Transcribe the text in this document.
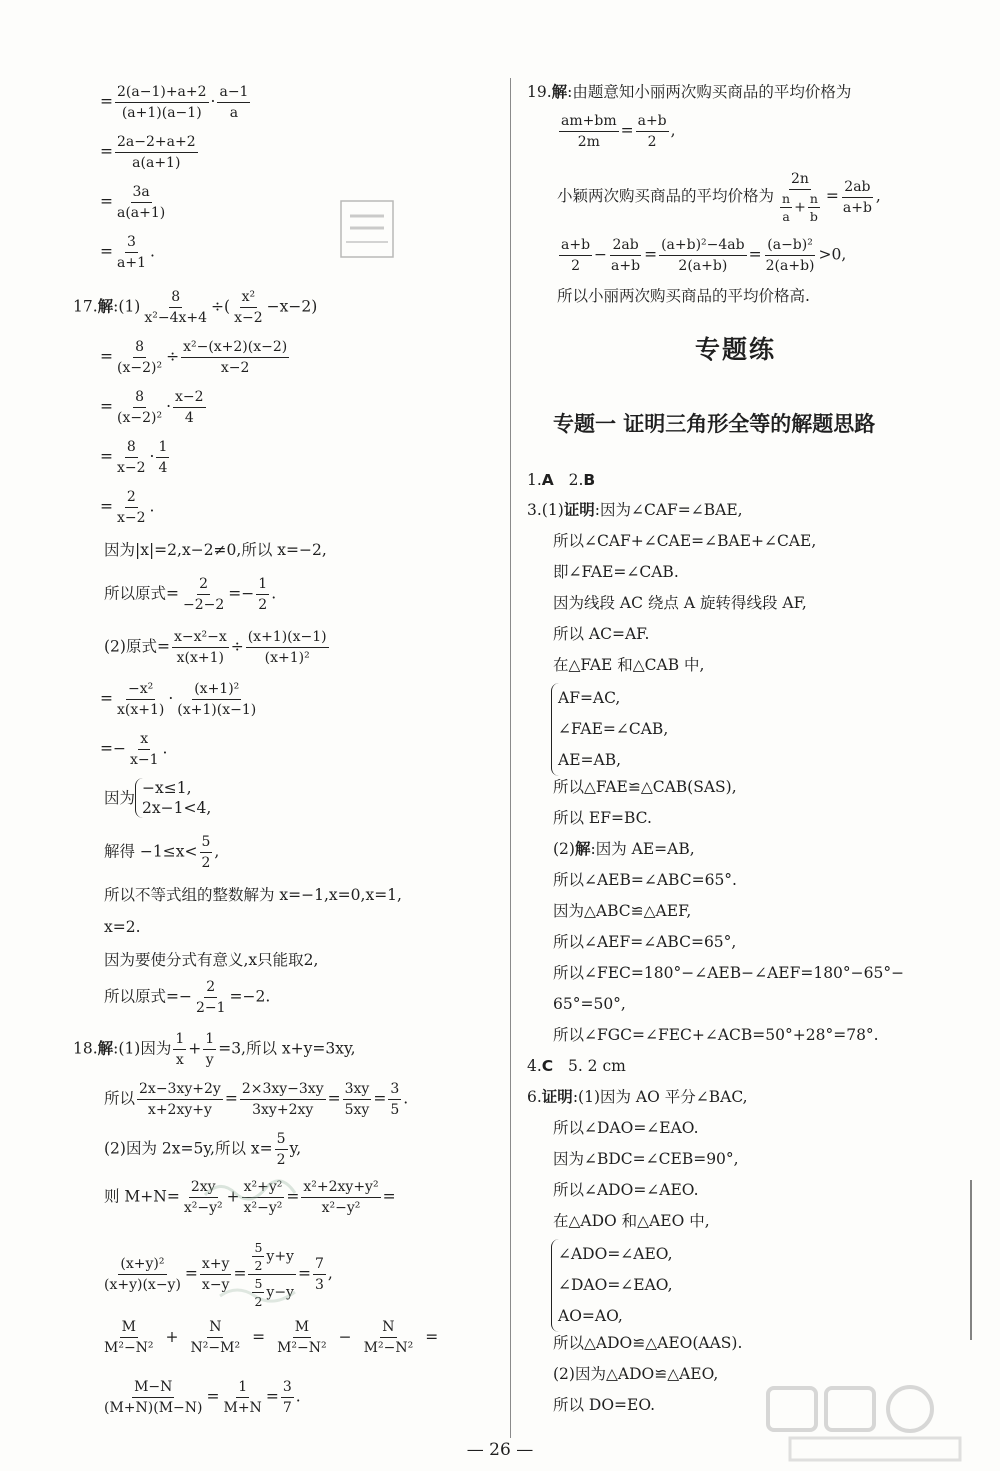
= $\frac{2(a-1)+a+2}{(a+1)(a-1)} \cdot \frac{a-1}{a}$
= $\frac{2a-2+a+2}{a(a+1)}$
= $\frac{3a}{a(a+1)}$
= $\frac{3}{a+1}$ .
17.解:(1) $\frac{8}{\text{x²−4x+4}}$ ÷( $\frac{\text{x²}}{x-2} -x-2$)
= $\frac{8}{\text{(x−2)²}} \div \frac{\text{x²−(x+2)(x−2)}}{x-2}$
= $\frac{8}{\text{(x−2)²}} \cdot \frac{x-2}{4}$
= $\frac{8}{x-2} \cdot \frac{1}{4}$
= $\frac{2}{x-2}$ .
因为|x|=2,x−2≠0,所以 x=−2,
所以原式= $\frac{2}{-2-2} =- \frac{1}{2}$ .
(2)原式= $\frac{\text{x−x²−x}}{x(x+1)} \div \frac{(x+1)(x-1)}{\text{(x+1)²}}$
= $\frac{\text{−x²}}{x(x+1)} \cdot \frac{\text{(x+1)²}}{(x+1)(x-1)}$
=− $\frac{x}{x-1}$ .
因为−x≤1,
2x−1<4,
解得 $-1\le x< \frac{5}{2}$ ,
所以不等式组的整数解为 x=−1,x=0,x=1,
x=2.
因为要使分式有意义,x只能取2,
所以原式=− $\frac{2}{2-1} =-2$.
18.解:(1)因为 $\frac{1}{x} + \frac{1}{y} =3$,所以 x+y=3xy,
所以 $\frac{2x-3xy+2y}{x+2xy+y} = \frac{2\times 3xy-3xy}{3xy+2xy} = \frac{3xy}{5xy} = \frac{3}{5}$ .
(2)因为 2x=5y,所以 $x= \frac{5}{2} y$,
则 $M+N= \frac{2xy}{\text{x²−y²}} + \frac{\text{x²+y²}}{\text{x²−y²}} = \frac{\text{x²+2xy+y²}}{\text{x²−y²}}$ =
$\frac{\text{(x+y)²}}{(x+y)(x-y)} = \frac{x+y}{x-y} = \frac{\frac{5}{2} y+y}{\frac{5}{2} y-y} = \frac{7}{3}$ ,
$\frac{M}{\text{M²−N²}} + \frac{N}{\text{N²−M²}} = \frac{M}{\text{M²−N²}} - \frac{N}{\text{M²−N²}}$ =
$\frac{M-N}{(M+N)(M-N)} = \frac{1}{M+N} = \frac{3}{7}$ .
19.解:由题意知小丽两次购买商品的平均价格为
$\frac{am+bm}{2m} = \frac{a+b}{2}$ ,
小颖两次购买商品的平均价格为 $\frac{2n}{\frac{n}{a} + \frac{n}{b}} = \frac{2ab}{a+b}$ ,
$\frac{a+b}{2} - \frac{2ab}{a+b} = \frac{\text{(a+b)²−4ab}}{2(a+b)} = \frac{\text{(a−b)²}}{2(a+b)} >0$,
所以小丽两次购买商品的平均价格高.
专题练
专题一 证明三角形全等的解题思路
1.A 2.B
3.(1)证明:因为∠CAF=∠BAE,
所以∠CAF+∠CAE=∠BAE+∠CAE,
即∠FAE=∠CAB.
因为线段 AC 绕点 A 旋转得线段 AF,
所以 AC=AF.
在△FAE 和△CAB 中,
AF=AC,
∠FAE=∠CAB,
AE=AB,
所以△FAE≌△CAB(SAS),
所以 EF=BC.
(2)解:因为 AE=AB,
所以∠AEB=∠ABC=65°.
因为△ABC≌△AEF,
所以∠AEF=∠ABC=65°,
所以∠FEC=180°−∠AEB−∠AEF=180°−65°−
65°=50°,
所以∠FGC=∠FEC+∠ACB=50°+28°=78°.
4.C 5. 2 cm
6.证明:(1)因为 AO 平分∠BAC,
所以∠DAO=∠EAO.
因为∠BDC=∠CEB=90°,
所以∠ADO=∠AEO.
在△ADO 和△AEO 中,
∠ADO=∠AEO,
∠DAO=∠EAO,
AO=AO,
所以△ADO≌△AEO(AAS).
(2)因为△ADO≌△AEO,
所以 DO=EO.
— 26 —
